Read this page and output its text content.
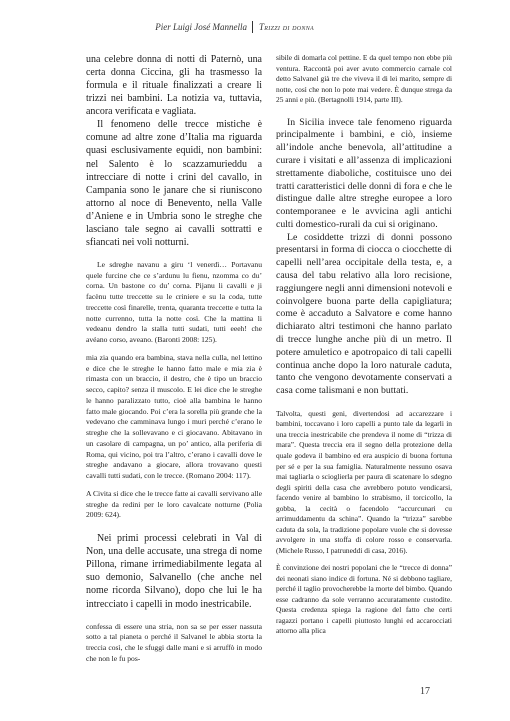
Pier Luigi José Mannella Trizzi di donna

una celebre donna di notti di Paternò, una certa donna Ciccina, gli ha trasmesso la formula e il rituale finalizzati a creare li trizzi nei bambini. La notizia va, tuttavia, ancora verificata e vagliata.

Il fenomeno delle trecce mistiche è comune ad altre zone d’Italia ma riguarda quasi esclusivamente equidi, non bambini: nel Salento è lo scazzamurieddu a intrecciare di notte i crini del cavallo, in Campania sono le janare che si riuniscono attorno al noce di Benevento, nella Valle d’Aniene e in Umbria sono le streghe che lasciano tale segno ai cavalli sottratti e sfiancati nei voli notturni.

Le sdreghe navanu a giru ‘l venerdì… Portavanu quele furcine che ce s’ardunu lu fienu, nzomma co du’ corna. Un bastone co du’ corna. Pijanu li cavalli e ji facènu tutte treccette su le criniere e su la coda, tutte treccette così finarelle, trenta, quaranta treccette e tutta la notte currenno, tutta la notte così. Che la mattina li vedeanu dendro la stalla tutti sudati, tutti eeeh! che avéano corso, aveano. (Baronti 2008: 125).

mia zia quando era bambina, stava nella culla, nel lettino e dice che le streghe le hanno fatto male e mia zia è rimasta con un braccio, il destro, che è tipo un braccio secco, capito? senza il muscolo. E lei dice che le streghe le hanno paralizzato tutto, cioè alla bambina le hanno fatto male giocando. Poi c’era la sorella più grande che la vedevano che camminava lungo i muri perché c’erano le streghe che la sollevavano e ci giocavano. Abitavano in un casolare di campagna, un po’ antico, alla periferia di Roma, qui vicino, poi tra l’altro, c’erano i cavalli dove le streghe andavano a giocare, allora trovavano questi cavalli tutti sudati, con le trecce. (Romano 2004: 117).

A Civita si dice che le trecce fatte ai cavalli servivano alle streghe da redini per le loro cavalcate notturne (Polia 2009: 624).

Nei primi processi celebrati in Val di Non, una delle accusate, una strega di nome Pillona, rimane irrimediabilmente legata al suo demonio, Salvanello (che anche nel nome ricorda Silvano), dopo che lui le ha intrecciato i capelli in modo inestricabile.

confessa di essere una stria, non sa se per esser nassuta sotto a tal pianeta o perché il Salvanel le abbia storta la treccia così, che le sfuggi dalle mani e si arruffò in modo che non le fu pos-

sibile di domarla col pettine. E da quel tempo non ebbe più ventura. Raccontà poi aver avuto commercio carnale col detto Salvanel già tre che viveva il di lei marito, sempre di notte, così che non lo pote mai vedere. È dunque strega da 25 anni e più. (Bertagnolli 1914, parte III).

In Sicilia invece tale fenomeno riguarda principalmente i bambini, e ciò, insieme all’indole anche benevola, all’attitudine a curare i visitati e all’assenza di implicazioni strettamente diaboliche, costituisce uno dei tratti caratteristici delle donni di fora e che le distingue dalle altre streghe europee a loro contemporanee e le avvicina agli antichi culti domestico-rurali da cui si originano.

Le cosiddette trizzi di donni possono presentarsi in forma di ciocca o ciocchette di capelli nell’area occipitale della testa, e, a causa del tabu relativo alla loro recisione, raggiungere negli anni dimensioni notevoli e coinvolgere buona parte della capigliatura; come è accaduto a Salvatore e come hanno dichiarato altri testimoni che hanno parlato di trecce lunghe anche più di un metro. Il potere amuletico e apotropaico di tali capelli continua anche dopo la loro naturale caduta, tanto che vengono devotamente conservati a casa come talismani e non buttati.

Talvolta, questi geni, divertendosi ad accarezzare i bambini, toccavano i loro capelli a punto tale da legarli in una treccia inestricabile che prendeva il nome di “trizza di mara”. Questa treccia era il segno della protezione della quale godeva il bambino ed era auspicio di buona fortuna per sé e per la sua famiglia. Naturalmente nessuno osava mai tagliarla o scioglierla per paura di scatenare lo sdegno degli spiriti della casa che avrebbero potuto vendicarsi, facendo venire al bambino lo strabismo, il torcicollo, la gobba, la cecità o facendolo “accurcunari cu arrimuddamentu da schina”. Quando la “trizza” sarebbe caduta da sola, la tradizione popolare vuole che si dovesse avvolgere in una stoffa di colore rosso e conservarla. (Michele Russo, I patruneddi di casa, 2016).

È convinzione dei nostri popolani che le “trecce di donna” dei neonati siano indice di fortuna. Né si debbono tagliare, perché il taglio provocherebbe la morte del bimbo. Quando esse cadranno da sole verranno accuratamente custodite. Questa credenza spiega la ragione del fatto che certi ragazzi portano i capelli piuttosto lunghi ed accarocciati attorno alla plica

17
